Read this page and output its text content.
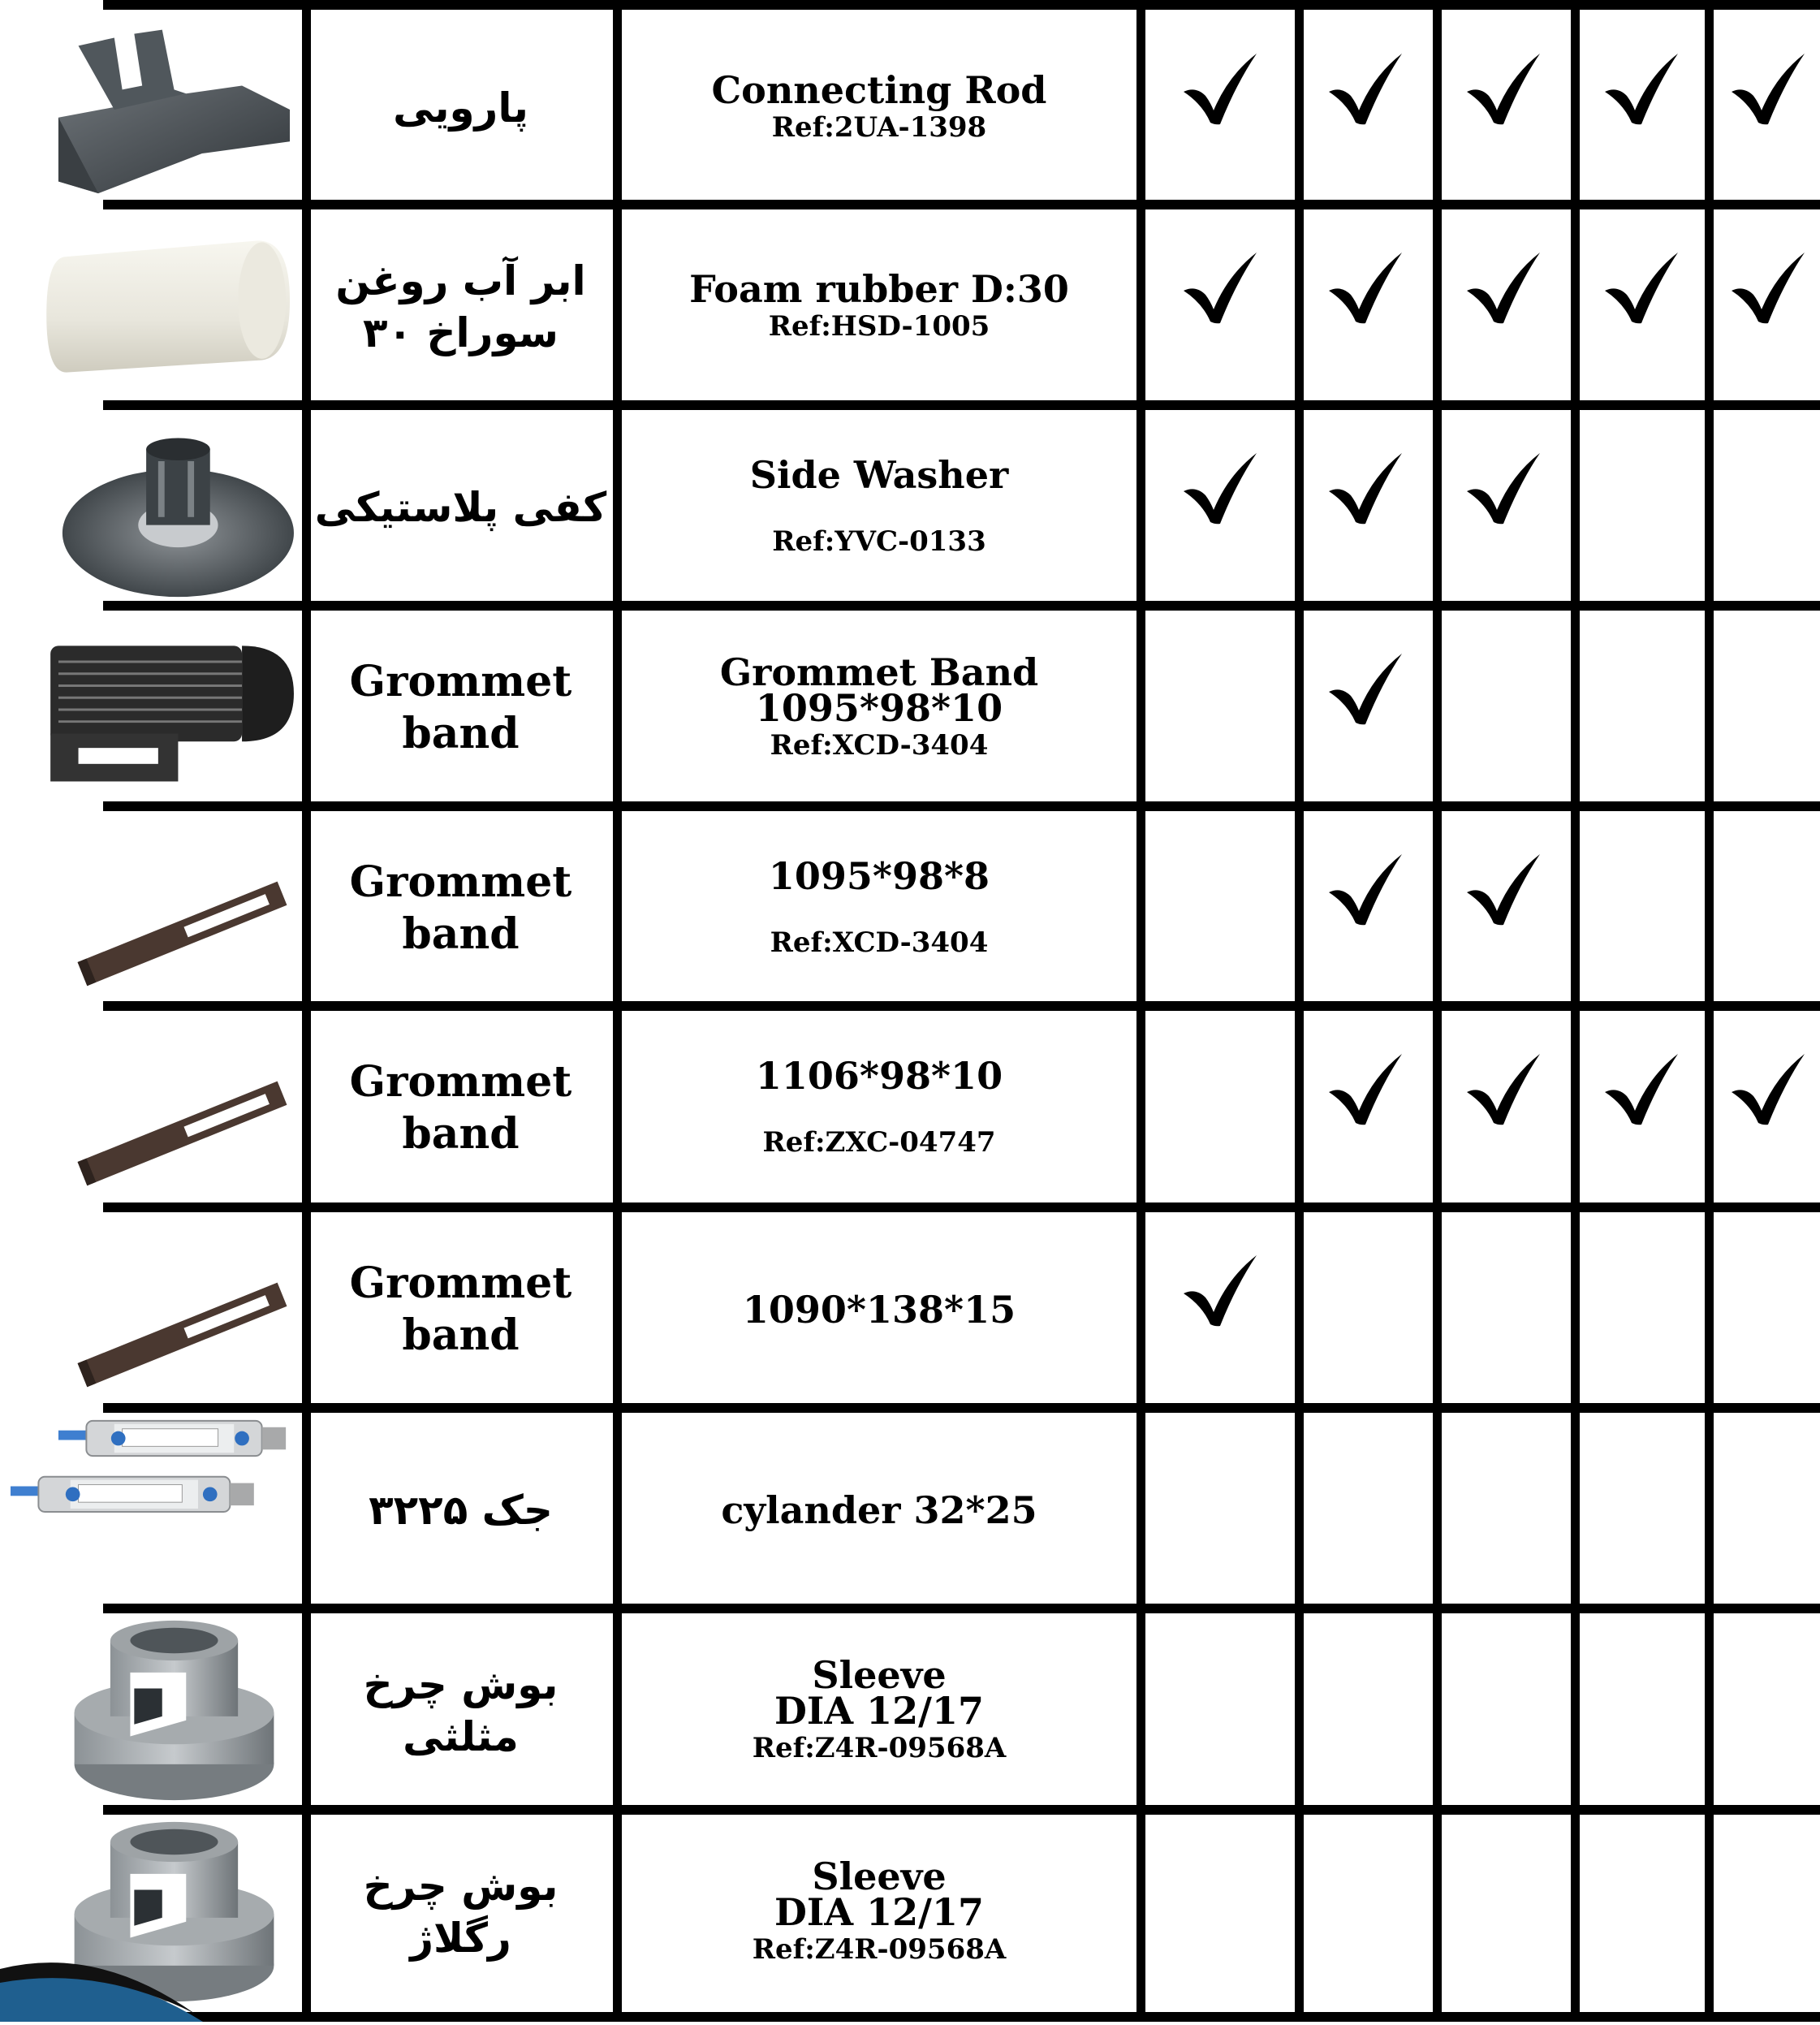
پارویی	Connecting Rod
Ref:2UA-1398
ابر آب روغن
سوراخ ۳۰
Foam rubber D:30
Ref:HSD-1005
کفی پلاستیکی
Side Washer
Ref:YVC-0133
Grommet band
Grommet Band
1095*98*10
Ref:XCD-3404
Grommet band
1095*98*8
Ref:XCD-3404
Grommet band
1106*98*10
Ref:ZXC-04747
Grommet band
1090*138*15
جک ۳۲۲۵	cylander 32*25
بوش چرخ مثلثی
Sleeve
DIA 12/17
Ref:Z4R-09568A
بوش چرخ رگلاژ
Sleeve
DIA 12/17
Ref:Z4R-09568A
